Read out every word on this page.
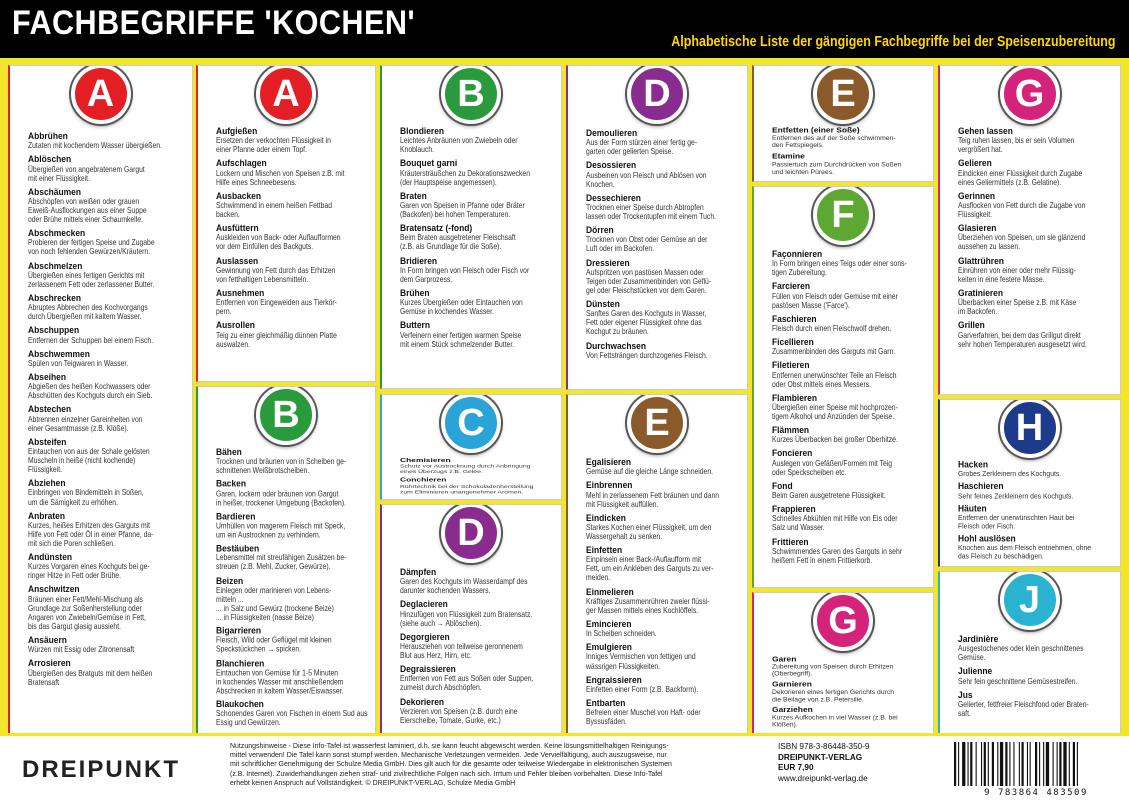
FACHBEGRIFFE 'KOCHEN'	Alphabetische Liste der gängigen Fachbegriffe bei der Speisenzubereitung
A
Abbrühen
Zutaten mit kochendem Wasser übergießen.
Ablöschen
Übergießen von angebratenem Gargut
mit einer Flüssigkeit.
Abschäumen
Abschöpfen von weißen oder grauen
Eiweiß-Ausflockungen aus einer Suppe
oder Brühe mittels einer Schaumkelle.
Abschmecken
Probieren der fertigen Speise und Zugabe
von noch fehlenden Gewürzen/Kräutern.
Abschmelzen
Übergießen eines fertigen Gerichts mit
zerlassenem Fett oder zerlassener Butter.
Abschrecken
Abruptes Abbrechen des Kochvorgangs
durch Übergießen mit kaltem Wasser.
Abschuppen
Entfernen der Schuppen bei einem Fisch.
Abschwemmen
Spülen von Teigwaren in Wasser.
Abseihen
Abgießen des heißen Kochwassers oder
Abschütten des Kochguts durch ein Sieb.
Abstechen
Abtrennen einzelner Gareinheiten von
einer Gesamtmasse (z.B. Klöße).
Absteifen
Eintauchen von aus der Schale gelösten
Muscheln in heiße (nicht kochende)
Flüssigkeit.
Abziehen
Einbringen von Bindemitteln in Soßen,
um die Sämigkeit zu erhöhen.
Anbraten
Kurzes, heißes Erhitzen des Garguts mit
Hilfe von Fett oder Öl in einer Pfanne, da-
mit sich die Poren schließen.
Andünsten
Kurzes Vorgaren eines Kochguts bei ge-
ringer Hitze in Fett oder Brühe.
Anschwitzen
Bräunen einer Fett/Mehl-Mischung als
Grundlage zur Soßenherstellung oder
Angaren von Zwiebeln/Gemüse in Fett,
bis das Gargut glasig aussieht.
Ansäuern
Würzen mit Essig oder Zitronensaft
Arrosieren
Übergießen des Bratguts mit dem heißen
Bratensaft
A
Aufgießen
Ersetzen der verkochten Flüssigkeit in
einer Pfanne oder einem Topf.
Aufschlagen
Lockern und Mischen von Speisen z.B. mit
Hilfe eines Schneebesens.
Ausbacken
Schwimmend in einem heißen Fettbad
backen.
Ausfüttern
Auskleiden von Back- oder Auflaufformen
vor dem Einfüllen des Backguts.
Auslassen
Gewinnung von Fett durch das Erhitzen
von fetthaltigen Lebensmitteln.
Ausnehmen
Entfernen von Eingeweiden aus Tierkör-
pern.
Ausrollen
Teig zu einer gleichmäßig dünnen Platte
auswalzen.
B
Bähen
Trocknen und bräunen von in Scheiben ge-
schnittenen Weißbrotscheiben.
Backen
Garen, lockern oder bräunen von Gargut
in heißer, trockener Umgebung (Backofen).
Bardieren
Umhüllen von magerem Fleisch mit Speck,
um ein Austrocknen zu verhindern.
Bestäuben
Lebensmittel mit streufähigen Zusätzen be-
streuen (z.B. Mehl, Zucker, Gewürze).
Beizen
Einlegen oder marinieren von Lebens-
mitteln ...
... in Salz und Gewürz (trockene Beize)
... in Flüssigkeiten (nasse Beize)
Bigarrieren
Fleisch, Wild oder Geflügel mit kleinen
Speckstückchen → spicken.
Blanchieren
Eintauchen von Gemüse für 1-5 Minuten
in kochendes Wasser mit anschließendem
Abschrecken in kaltem Wasser/Eiswasser.
Blaukochen
Schonendes Garen von Fischen in einem Sud aus
Essig und Gewürzen.
B
Blondieren
Leichtes Anbräunen von Zwiebeln oder
Knoblauch.
Bouquet garni
Kräutersträußchen zu Dekorationszwecken
(der Hauptspeise angemessen).
Braten
Garen von Speisen in Pfanne oder Bräter
(Backofen) bei hohen Temperaturen.
Bratensatz (-fond)
Beim Braten ausgetretener Fleischsaft
(z.B. als Grundlage für die Soße).
Bridieren
In Form bringen von Fleisch oder Fisch vor
dem Garprozess.
Brühen
Kurzes Übergießen oder Eintauchen von
Gemüse in kochendes Wasser.
Buttern
Verfeinern einer fertigen warmen Speise
mit einem Stück schmelzender Butter.
C
Chemisieren
Schutz vor Austrocknung durch Anbringung
eines Überzugs z.B. Gelee.
Conchieren
Rührtechnik bei der Schokoladenherstellung
zum Eliminieren unangenehmer Aromen.
D
Dämpfen
Garen des Kochguts im Wasserdampf des
darunter kochenden Wassers.
Deglacieren
Hinzufügen von Flüssigkeit zum Bratensatz.
(siehe auch → Ablöschen).
Degorgieren
Herausziehen von teilweise geronnenem
Blut aus Herz, Hirn, etc.
Degraissieren
Entfernen von Fett aus Soßen oder Suppen,
zumeist durch Abschöpfen.
Dekorieren
Verzieren von Speisen (z.B. durch eine
Eierscheibe, Tomate, Gurke, etc.)
D
Demoulieren
Aus der Form stürzen einer fertig ge-
garten oder gelierten Speise.
Desossieren
Ausbeinen von Fleisch und Ablösen von
Knochen.
Dessechieren
Trocknen einer Speise durch Abtropfen
lassen oder Trockentupfen mit einem Tuch.
Dörren
Trocknen von Obst oder Gemüse an der
Luft oder im Backofen.
Dressieren
Aufspritzen von pastösen Massen oder
Teigen oder Zusammenbinden von Geflü-
gel oder Fleischstücken vor dem Garen.
Dünsten
Sanftes Garen des Kochguts in Wasser,
Fett oder eigener Flüssigkeit ohne das
Kochgut zu bräunen.
Durchwachsen
Von Fettsträngen durchzogenes Fleisch.
E
Egalisieren
Gemüse auf die gleiche Länge schneiden.
Einbrennen
Mehl in zerlassenem Fett bräunen und dann
mit Flüssigkeit auffüllen.
Eindicken
Starkes Kochen einer Flüssigkeit, um den
Wassergehalt zu senken.
Einfetten
Einpinseln einer Back-/Auflaufform mit
Fett, um ein Ankleben des Garguts zu ver-
meiden.
Einmelieren
Kräftiges Zusammenrühren zweier flüssi-
ger Massen mittels eines Kochlöffels.
Emincieren
In Scheiben schneiden.
Emulgieren
Inniges Vermischen von fettigen und
wässrigen Flüssigkeiten.
Engraissieren
Einfetten einer Form (z.B. Backform).
Entbarten
Befreien einer Muschel von Haft- oder
Byssusfäden.
E
Entfetten (einer Soße)
Entfernen des auf der Soße schwimmen-
den Fettspiegels.
Etamine
Passiertuch zum Durchdrücken von Soßen
und leichten Pürees.
F
Façonnieren
In Form bringen eines Teigs oder einer sons-
tigen Zubereitung.
Farcieren
Füllen von Fleisch oder Gemüse mit einer
pastösen Masse ('Farce').
Faschieren
Fleisch durch einen Fleischwolf drehen.
Ficellieren
Zusammenbinden des Garguts mit Garn.
Filetieren
Entfernen unerwünschter Teile an Fleisch
oder Obst mittels eines Messers.
Flambieren
Übergießen einer Speise mit hochprozen-
tigem Alkohol und Anzünden der Speise.
Flämmen
Kurzes Überbacken bei großer Oberhitze.
Foncieren
Auslegen von Gefäßen/Formen mit Teig
oder Speckscheiben etc.
Fond
Beim Garen ausgetretene Flüssigkeit.
Frappieren
Schnelles Abkühlen mit Hilfe von Eis oder
Salz und Wasser.
Frittieren
Schwimmendes Garen des Garguts in sehr
heißem Fett in einem Frittierkorb.
G
Garen
Zubereitung von Speisen durch Erhitzen
(Oberbegriff).
Garnieren
Dekorieren eines fertigen Gerichts durch
die Beilage von z.B. Petersilie.
Garziehen
Kurzes Aufkochen in viel Wasser (z.B. bei
Klößen).
G
Gehen lassen
Teig ruhen lassen, bis er sein Volumen
vergrößert hat.
Gelieren
Eindicken einer Flüssigkeit durch Zugabe
eines Geliermittels (z.B. Gelatine).
Gerinnen
Ausflocken von Fett durch die Zugabe von
Flüssigkeit.
Glasieren
Überziehen von Speisen, um sie glänzend
aussehen zu lassen.
Glattrühren
Einrühren von einer oder mehr Flüssig-
keiten in eine festere Masse.
Gratinieren
Überbacken einer Speise z.B. mit Käse
im Backofen.
Grillen
Garverfahren, bei dem das Grillgut direkt
sehr hohen Temperaturen ausgesetzt wird.
H
Hacken
Grobes Zerkleinern des Kochguts.
Haschieren
Sehr feines Zerkleinern des Kochguts.
Häuten
Entfernen der unerwünschten Haut bei
Fleisch oder Fisch.
Hohl auslösen
Knochen aus dem Fleisch entnehmen, ohne
das Fleisch zu beschädigen.
J
Jardinière
Ausgestochenes oder klein geschnittenes
Gemüse.
Julienne
Sehr fein geschnittene Gemüsestreifen.
Jus
Gelierter, fettfreier Fleischfond oder Braten-
saft.
DREIPUNKT
Nutzungshinweise - Diese Info-Tafel ist wasserfest laminiert, d.h. sie kann feucht abgewischt werden. Keine lösungsmittelhaltigen Reinigungs-
mittel verwenden! Die Tafel kann sonst stumpf werden. Mechanische Verletzungen vermeiden. Jede Vervielfältigung, auch auszugsweise, nur
mit schriftlicher Genehmigung der Schulze Media GmbH. Dies gilt auch für die gesamte oder teilweise Wiedergabe in elektronischen Systemen
(z.B. Internet). Zuwiderhandlungen ziehen straf- und zivilrechtliche Folgen nach sich. Irrtum und Fehler bleiben vorbehalten. Diese Info-Tafel
erhebt keinen Anspruch auf Vollständigkeit. © DREIPUNKT-VERLAG, Schulze Media GmbH
ISBN 978-3-86448-350-9
DREIPUNKT-VERLAG
EUR 7,90
www.dreipunkt-verlag.de
9 783864 483509
